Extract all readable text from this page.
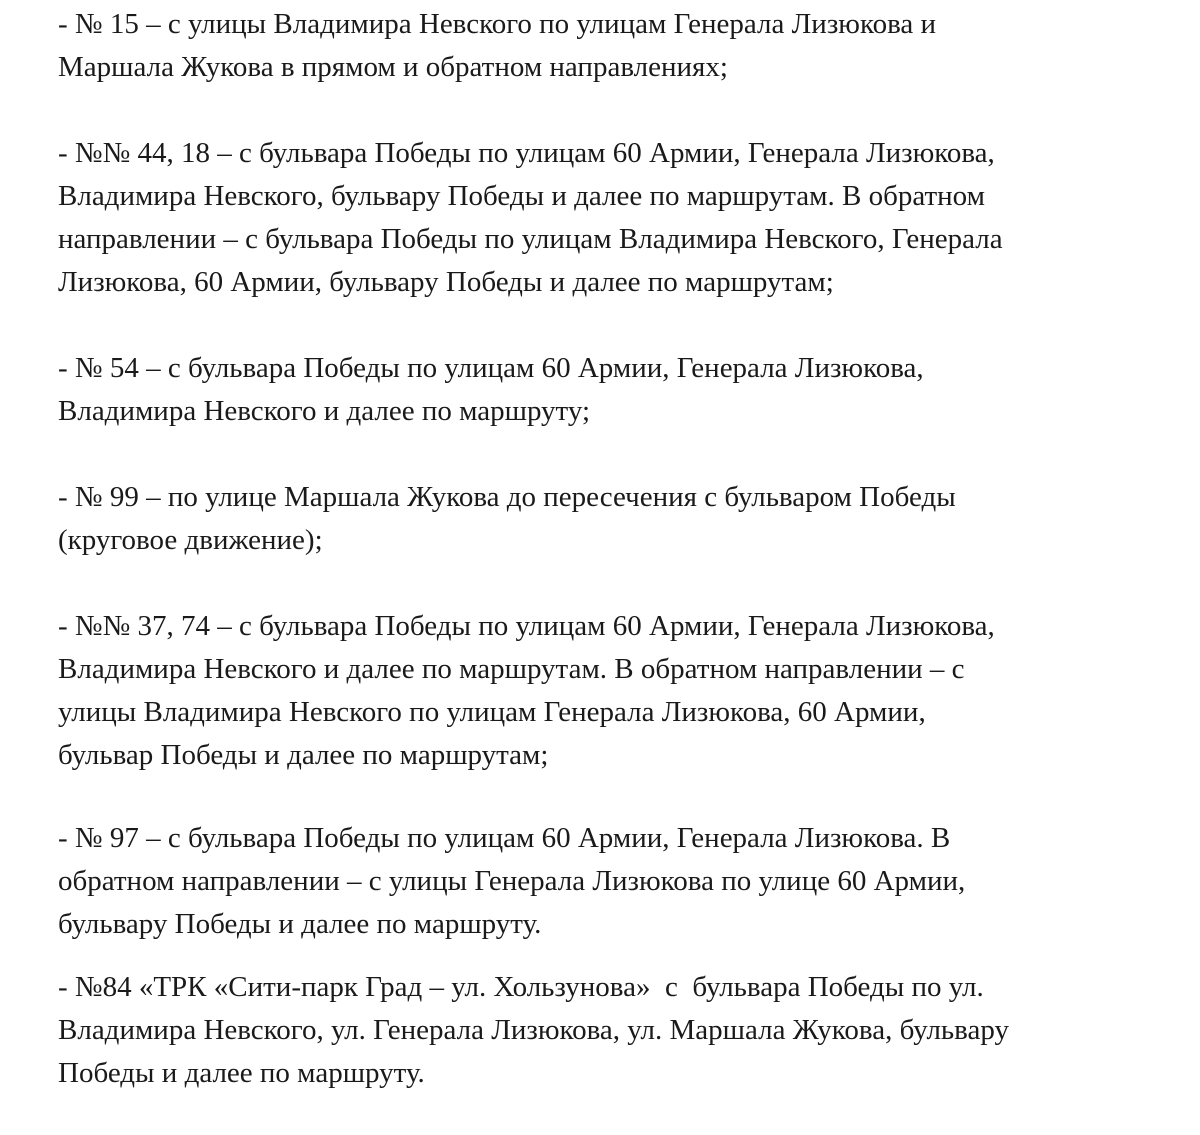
- № 15 – с улицы Владимира Невского по улицам Генерала Лизюкова и
Маршала Жукова в прямом и обратном направлениях;
- №№ 44, 18 – с бульвара Победы по улицам 60 Армии, Генерала Лизюкова,
Владимира Невского, бульвару Победы и далее по маршрутам. В обратном
направлении – с бульвара Победы по улицам Владимира Невского, Генерала
Лизюкова, 60 Армии, бульвару Победы и далее по маршрутам;
- № 54 – с бульвара Победы по улицам 60 Армии, Генерала Лизюкова,
Владимира Невского и далее по маршруту;
- № 99 – по улице Маршала Жукова до пересечения с бульваром Победы
(круговое движение);
- №№ 37, 74 – с бульвара Победы по улицам 60 Армии, Генерала Лизюкова,
Владимира Невского и далее по маршрутам. В обратном направлении – с
улицы Владимира Невского по улицам Генерала Лизюкова, 60 Армии,
бульвар Победы и далее по маршрутам;
- № 97 – с бульвара Победы по улицам 60 Армии, Генерала Лизюкова. В
обратном направлении – с улицы Генерала Лизюкова по улице 60 Армии,
бульвару Победы и далее по маршруту.
- №84 «ТРК «Сити-парк Град – ул. Хользунова»  с  бульвара Победы по ул.
Владимира Невского, ул. Генерала Лизюкова, ул. Маршала Жукова, бульвару
Победы и далее по маршруту.
